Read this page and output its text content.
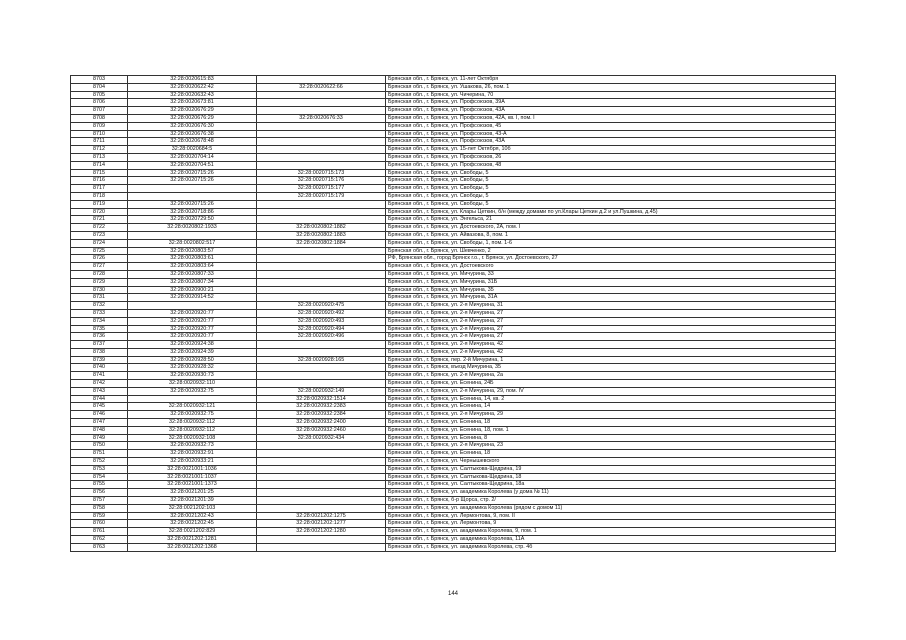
8703	32:28:0020615:83		Брянская обл., г. Брянск, ул. 11-лет Октября
8704	32:28:0020622:42	32:28:0020622:66	Брянская обл., г. Брянск, ул. Ушакова, 26, пом. 1
8705	32:28:0020632:43		Брянская обл., г. Брянск, ул. Чичерина, 70
8706	32:28:0020673:81		Брянская обл., г. Брянск, ул. Профсоюзов, 39А
8707	32:28:0020676:29		Брянская обл., г. Брянск, ул. Профсоюзов, 43А
8708	32:28:0020676:29	32:28:0020676:33	Брянская обл., г. Брянск, ул. Профсоюзов, 42А, кв. I, пом. I
8709	32:28:0020676:30		Брянская обл., г. Брянск, ул. Профсоюзов, 45
8710	32:28:0020676:38		Брянская обл., г. Брянск, ул. Профсоюзов, 43-А
8711	32:28:0020678:48		Брянская обл., г. Брянск, ул. Профсоюзов, 43А
8712	32:28:0020684:5		Брянская обл., г. Брянск, ул. 15-лет Октября, 10б
8713	32:28:0020704:14		Брянская обл., г. Брянск, ул. Профсоюзов, 26
8714	32:28:0020704:51		Брянская обл., г. Брянск, ул. Профсоюзов, 48
8715	32:28:0020715:26	32:28:0020715:173	Брянская обл., г. Брянск, ул. Свободы, 5
8716	32:28:0020715:26	32:28:0020715:176	Брянская обл., г. Брянск, ул. Свободы, 5
8717		32:28:0020715:177	Брянская обл., г. Брянск, ул. Свободы, 5
8718		32:28:0020715:179	Брянская обл., г. Брянск, ул. Свободы, 5
8719	32:28:0020715:26		Брянская обл., г. Брянск, ул. Свободы, 5
8720	32:28:0020718:86		Брянская обл., г. Брянск, ул. Клары Цеткин, б/н (между домами по ул.Клары Цеткин д.2 и ул.Пушкина, д.45)
8721	32:28:0020729:50		Брянская обл., г. Брянск, ул. Энгельса, 21
8722	32:28:0020802:1933	32:28:0020802:1882	Брянская обл., г. Брянск, ул. Достоевского, 2А, пом. I
8723		32:28:0020802:1883	Брянская обл., г. Брянск, ул. Айвазова, 8, пом. 1
8724	32:28:0020802:517	32:28:0020802:1884	Брянская обл., г. Брянск, ул. Свободы, 1, пом. 1-6
8725	32:28:0020803:57		Брянская обл., г. Брянск, ул. Шевченко, 2
8726	32:28:0020803:61		РФ, Брянская обл., город Брянск г.о., г. Брянск, ул. Достоевского, 27
8727	32:28:0020803:64		Брянская обл., г. Брянск, ул. Достоевского
8728	32:28:0020807:33		Брянская обл., г. Брянск, ул. Мичурина, 33
8729	32:28:0020807:34		Брянская обл., г. Брянск, ул. Мичурина, 31Б
8730	32:28:0020900:21		Брянская обл., г. Брянск, ул. Мичурина, 35
8731	32:28:0020914:52		Брянская обл., г. Брянск, ул. Мичурина, 31А
8732		32:28:0020920:475	Брянская обл., г. Брянск, ул. 2-я Мичурина, 31
8733	32:28:0020920:77	32:28:0020920:492	Брянская обл., г. Брянск, ул. 2-я Мичурина, 27
8734	32:28:0020920:77	32:28:0020920:493	Брянская обл., г. Брянск, ул. 2-я Мичурина, 27
8735	32:28:0020920:77	32:28:0020920:494	Брянская обл., г. Брянск, ул. 2-я Мичурина, 27
8736	32:28:0020920:77	32:28:0020920:496	Брянская обл., г. Брянск, ул. 2-я Мичурина, 27
8737	32:28:0020924:38		Брянская обл., г. Брянск, ул. 2-я Мичурина, 42
8738	32:28:0020924:39		Брянская обл., г. Брянск, ул. 2-я Мичурина, 42
8739	32:28:0020928:50	32:28:0020928:165	Брянская обл., г. Брянск, пер. 2-й Мичурина, 1
8740	32:28:0020928:32		Брянская обл., г. Брянск, въезд Мичурина, 35
8741	32:28:0020930:73		Брянская обл., г. Брянск, ул. 2-я Мичурина, 2а
8742	32:28:0020932:110		Брянская обл., г. Брянск, ул. Есенина, 24Б
8743	32:28:0020932:75	32:28:0020932:149	Брянская обл., г. Брянск, ул. 2-я Мичурина, 29, пом. IV
8744		32:28:0020932:1514	Брянская обл., г. Брянск, ул. Есенина, 14, кв. 2
8745	32:28:0020932:121	32:28:0020932:2383	Брянская обл., г. Брянск, ул. Есенина, 14
8746	32:28:0020932:75	32:28:0020932:2384	Брянская обл., г. Брянск, ул. 2-я Мичурина, 29
8747	32:28:0020932:112	32:28:0020932:2400	Брянская обл., г. Брянск, ул. Есенина, 18
8748	32:28:0020932:112	32:28:0020932:2460	Брянская обл., г. Брянск, ул. Есенина, 18, пом. 1
8749	32:28:0020932:108	32:28:0020932:434	Брянская обл., г. Брянск, ул. Есенина, 8
8750	32:28:0020932:73		Брянская обл., г. Брянск, ул. 2-я Мичурина, 23
8751	32:28:0020932:91		Брянская обл., г. Брянск, ул. Есенина, 18
8752	32:28:0020933:21		Брянская обл., г. Брянск, ул. Чернышевского
8753	32:28:0021001:1036		Брянская обл., г. Брянск, ул. Салтыкова-Щедрина, 19
8754	32:28:0021001:1037		Брянская обл., г. Брянск, ул. Салтыкова-Щедрина, 18
8755	32:28:0021001:1373		Брянская обл., г. Брянск, ул. Салтыкова-Щедрина, 18а
8756	32:28:0021201:25		Брянская обл., г. Брянск, ул. академика Королева (у дома № 11)
8757	32:28:0021201:39		Брянская обл., г. Брянск, б-р Щорса, стр. 2/
8758	32:28:0021202:103		Брянская обл., г. Брянск, ул. академика Королева (рядом с домом 11)
8759	32:28:0021202:43	32:28:0021202:1275	Брянская обл., г. Брянск, ул. Лермонтова, 9, пом. II
8760	32:28:0021202:45	32:28:0021202:1277	Брянская обл., г. Брянск, ул. Лермонтова, 9
8761	32:28:0021202:829	32:28:0021202:1280	Брянская обл., г. Брянск, ул. академика Королева, 9, пом. 1
8762	32:28:0021202:1281		Брянская обл., г. Брянск, ул. академика Королева, 11А
8763	32:28:0021202:1368		Брянская обл., г. Брянск, ул. академика Королева, стр. 4б
144
